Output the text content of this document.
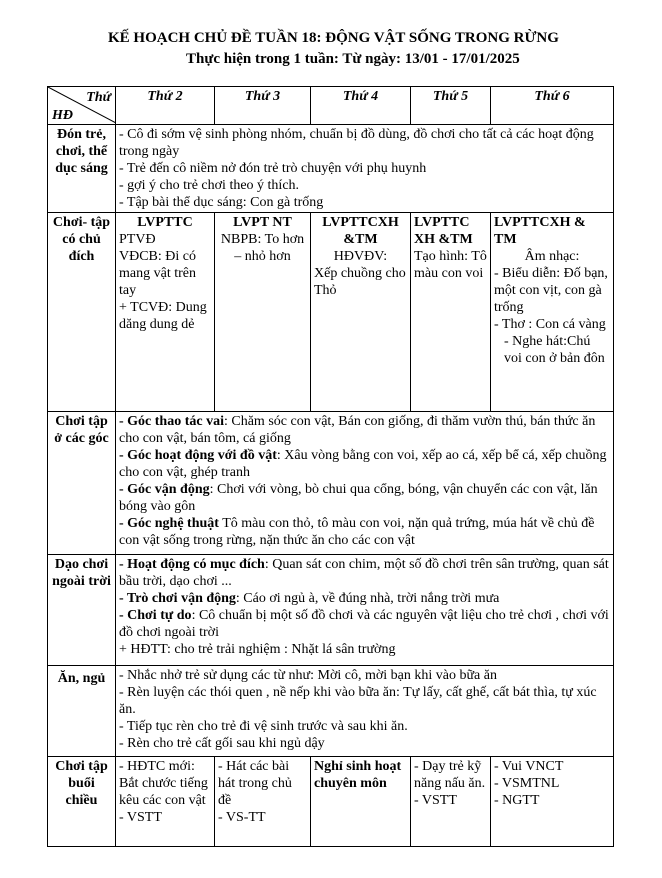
KẾ HOẠCH CHỦ ĐỀ TUẦN 18: ĐỘNG VẬT SỐNG TRONG RỪNG
Thực hiện trong 1 tuần: Từ ngày: 13/01 - 17/01/2025
Thứ
HĐ	Thứ 2	Thứ 3	Thứ 4	Thứ 5	Thứ 6
Đón trẻ, chơi, thể dục sáng	- Cô đi sớm vệ sinh phòng nhóm, chuẩn bị đồ dùng, đồ chơi cho tất cả các hoạt động trong ngày
- Trẻ đến cô niềm nở đón trẻ trò chuyện với phụ huynh
- gợi ý cho trẻ chơi theo ý thích.
- Tập bài thể dục sáng: Con gà trống				

Chơi- tập có chủ đích	LVPTTC
PTVĐ
VĐCB: Đi có mang vật trên tay
+ TCVĐ: Dung dăng dung dẻ	LVPT NT
NBPB: To hơn – nhỏ hơn	LVPTTCXH &TM
HĐVĐV:
Xếp chuồng cho Thỏ	LVPTTC XH &TM
Tạo hình: Tô màu con voi	LVPTTCXH & TM
Âm nhạc:
- Biểu diễn: Đố bạn, một con vịt, con gà trống
- Thơ : Con cá vàng
- Nghe hát:Chú voi con ở bản đôn

Chơi tập ở các góc	- Góc thao tác vai: Chăm sóc con vật, Bán con giống, đi thăm vườn thú, bán thức ăn cho con vật, bán tôm, cá giống
- Góc hoạt động với đồ vật: Xâu vòng bằng con voi, xếp ao cá, xếp bể cá, xếp chuồng cho con vật, ghép tranh
- Góc vận động: Chơi với vòng, bò chui qua cổng, bóng, vận chuyển các con vật, lăn bóng vào gôn
- Góc nghệ thuật Tô màu con thỏ, tô màu con voi, nặn quả trứng, múa hát về chủ đề con vật sống trong rừng, nặn thức ăn cho các con vật				

Dạo chơi ngoài trời	- Hoạt động có mục đích: Quan sát con chim, một số đồ chơi trên sân trường, quan sát bầu trời, dạo chơi ...
- Trò chơi vận động: Cáo ơi ngủ à, về đúng nhà, trời nắng trời mưa
- Chơi tự do: Cô chuẩn bị một số đồ chơi và các nguyên vật liệu cho trẻ chơi , chơi với đồ chơi ngoài trời
+ HĐTT: cho trẻ trải nghiệm : Nhặt lá sân trường				

Ăn, ngủ	- Nhắc nhở trẻ sử dụng các từ như: Mời cô, mời bạn khi vào bữa ăn
- Rèn luyện các thói quen , nề nếp khi vào bữa ăn: Tự lấy, cất ghế, cất bát thìa, tự xúc ăn.
- Tiếp tục rèn cho trẻ đi vệ sinh trước và sau khi ăn.
- Rèn cho trẻ cất gối sau khi ngủ dậy				

Chơi tập buổi chiều	- HĐTC mới: Bắt chước tiếng kêu các con vật
- VSTT	- Hát các bài hát trong chủ đề
- VS-TT	Nghỉ sinh hoạt chuyên môn	- Dạy trẻ kỹ năng nấu ăn.
- VSTT	- Vui VNCT
- VSMTNL
- NGTT
